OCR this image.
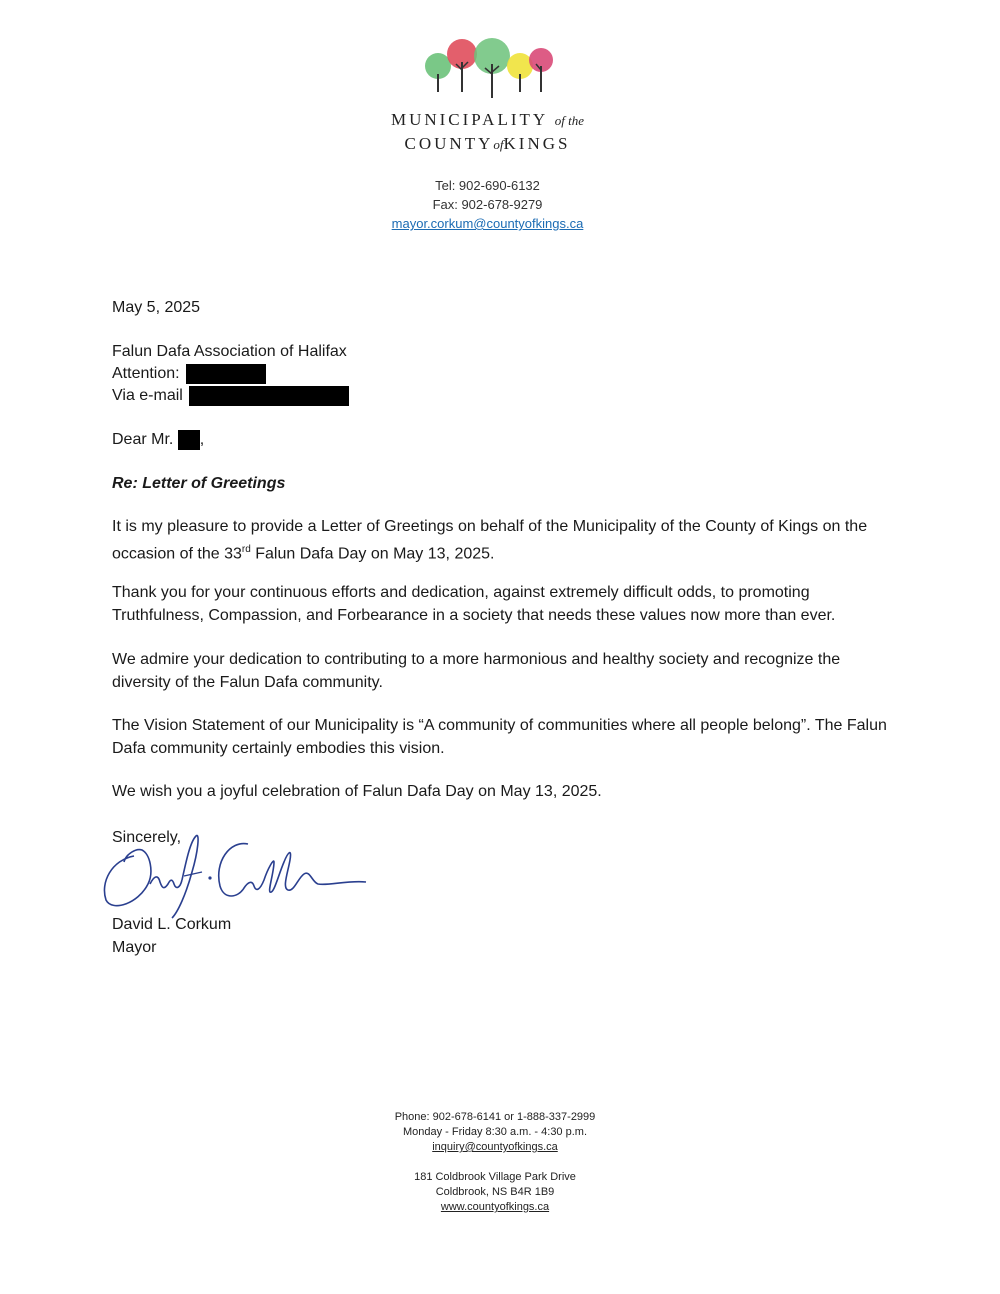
MUNICIPALITY of the
COUNTYofKINGS
Tel: 902-690-6132
Fax: 902-678-9279
mayor.corkum@countyofkings.ca
May 5, 2025
Falun Dafa Association of Halifax
Attention:
Via e-mail
Dear Mr. ,
Re: Letter of Greetings
It is my pleasure to provide a Letter of Greetings on behalf of the Municipality of the County of Kings on the occasion of the 33rd Falun Dafa Day on May 13, 2025.
Thank you for your continuous efforts and dedication, against extremely difficult odds, to promoting Truthfulness, Compassion, and Forbearance in a society that needs these values now more than ever.
We admire your dedication to contributing to a more harmonious and healthy society and recognize the diversity of the Falun Dafa community.
The Vision Statement of our Municipality is “A community of communities where all people belong”. The Falun Dafa community certainly embodies this vision.
We wish you a joyful celebration of Falun Dafa Day on May 13, 2025.
Sincerely,
David L. Corkum
Mayor
Phone: 902-678-6141 or 1-888-337-2999
Monday - Friday 8:30 a.m. - 4:30 p.m.
inquiry@countyofkings.ca
181 Coldbrook Village Park Drive
Coldbrook, NS B4R 1B9
www.countyofkings.ca
